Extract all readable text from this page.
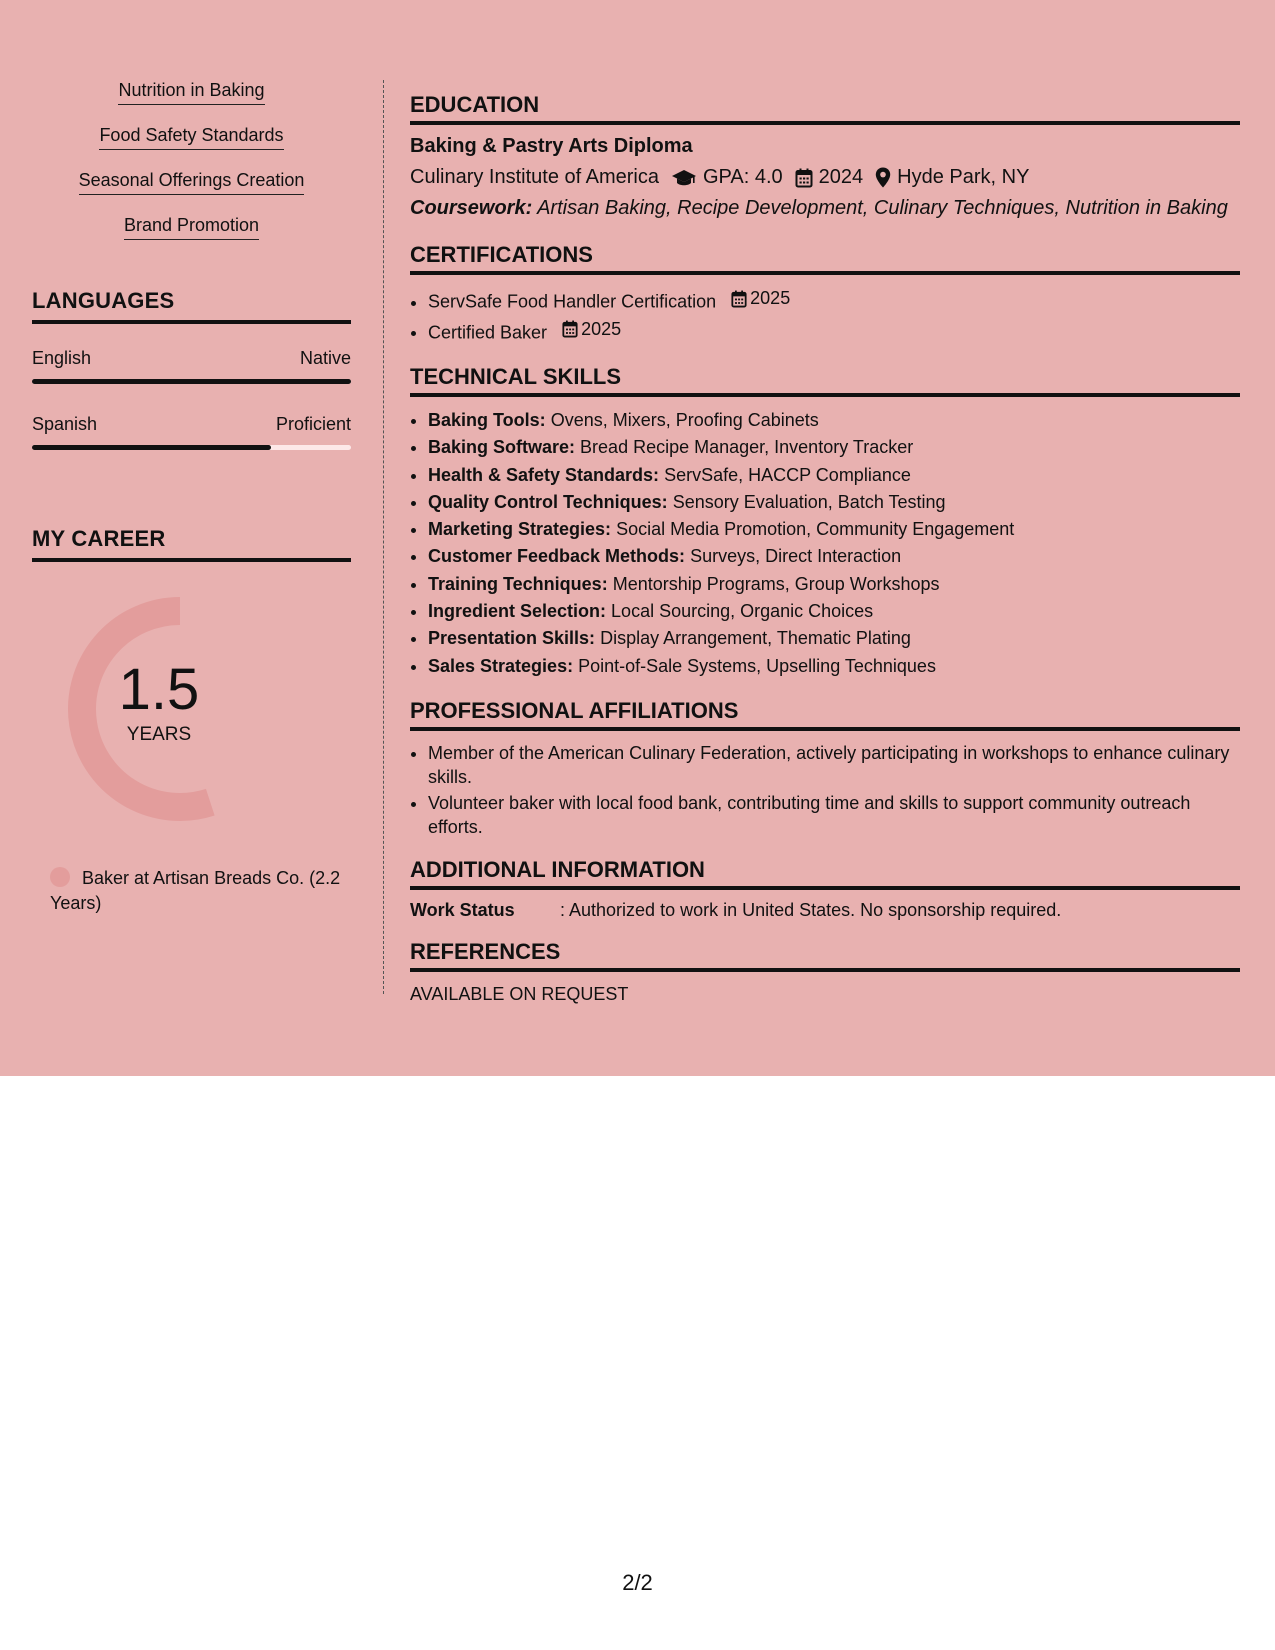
Nutrition in Baking
Food Safety Standards
Seasonal Offerings Creation
Brand Promotion
LANGUAGES
English	Native
Spanish	Proficient
MY CAREER
1.5
YEARS
Baker at Artisan Breads Co. (2.2 Years)
EDUCATION
Baking & Pastry Arts Diploma
Culinary Institute of America GPA: 4.0 2024 Hyde Park, NY
Coursework: Artisan Baking, Recipe Development, Culinary Techniques, Nutrition in Baking
CERTIFICATIONS
• ServSafe Food Handler Certification 2025
• Certified Baker 2025
TECHNICAL SKILLS
• Baking Tools: Ovens, Mixers, Proofing Cabinets
• Baking Software: Bread Recipe Manager, Inventory Tracker
• Health & Safety Standards: ServSafe, HACCP Compliance
• Quality Control Techniques: Sensory Evaluation, Batch Testing
• Marketing Strategies: Social Media Promotion, Community Engagement
• Customer Feedback Methods: Surveys, Direct Interaction
• Training Techniques: Mentorship Programs, Group Workshops
• Ingredient Selection: Local Sourcing, Organic Choices
• Presentation Skills: Display Arrangement, Thematic Plating
• Sales Strategies: Point-of-Sale Systems, Upselling Techniques
PROFESSIONAL AFFILIATIONS
• Member of the American Culinary Federation, actively participating in workshops to enhance culinary skills.
• Volunteer baker with local food bank, contributing time and skills to support community outreach efforts.
ADDITIONAL INFORMATION
Work Status	: Authorized to work in United States. No sponsorship required.
REFERENCES
AVAILABLE ON REQUEST
2/2
